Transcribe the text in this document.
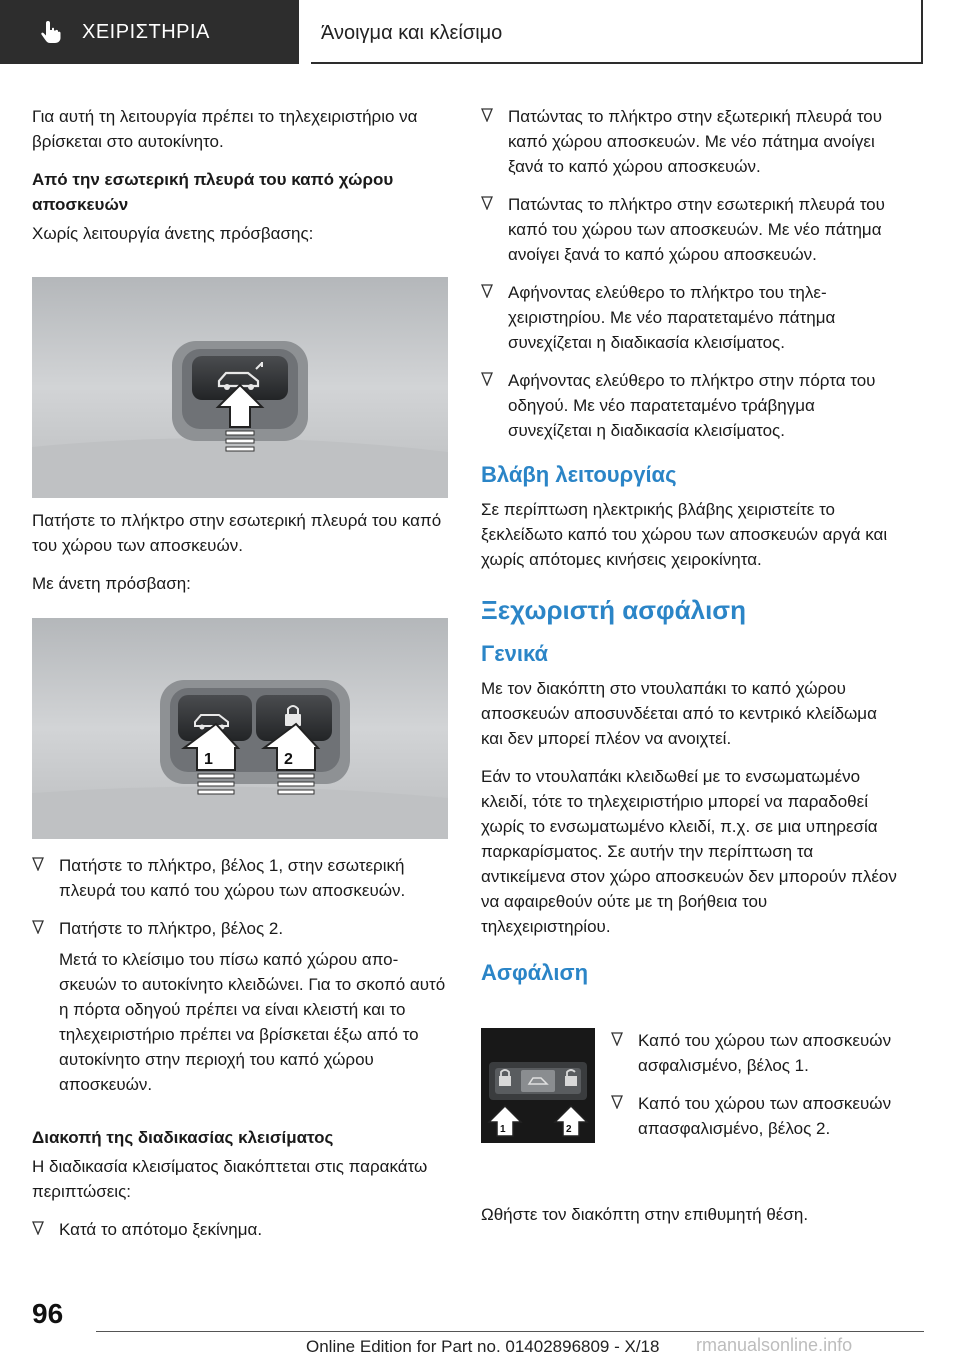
ΧΕΙΡΙΣΤΗΡΙΑ	Άνοιγμα και κλείσιμο

Για αυτή τη λειτουργία πρέπει το τηλεχειριστήριο να βρίσκεται στο αυτοκίνητο.

Από την εσωτερική πλευρά του καπό χώρου αποσκευών

Χωρίς λειτουργία άνετης πρόσβασης:

Πατήστε το πλήκτρο στην εσωτερική πλευρά του καπό του χώρου των αποσκευών.

Με άνετη πρόσβαση:

1	2
Πατήστε το πλήκτρο, βέλος 1, στην εσωτερική πλευρά του καπό του χώρου των αποσκευών.
Πατήστε το πλήκτρο, βέλος 2.

Μετά το κλείσιμο του πίσω καπό χώρου αποσκευών το αυτοκίνητο κλειδώνει. Για το σκοπό αυτό η πόρτα οδηγού πρέπει να είναι κλειστή και το τηλεχειριστήριο πρέπει να βρίσκεται έξω από το αυτοκίνητο στην περιοχή του καπό χώρου αποσκευών.

Διακοπή της διαδικασίας κλεισίματος

Η διαδικασία κλεισίματος διακόπτεται στις παρακάτω περιπτώσεις:

Κατά το απότομο ξεκίνημα.
Πατώντας το πλήκτρο στην εξωτερική πλευρά του καπό χώρου αποσκευών. Με νέο πάτημα ανοίγει ξανά το καπό χώρου αποσκευών.
Πατώντας το πλήκτρο στην εσωτερική πλευρά του καπό του χώρου των αποσκευών. Με νέο πάτημα ανοίγει ξανά το καπό χώρου αποσκευών.
Αφήνοντας ελεύθερο το πλήκτρο του τηλεχειριστηρίου. Με νέο παρατεταμένο πάτημα συνεχίζεται η διαδικασία κλεισίματος.
Αφήνοντας ελεύθερο το πλήκτρο στην πόρτα του οδηγού. Με νέο παρατεταμένο τράβηγμα συνεχίζεται η διαδικασία κλεισίματος.
Βλάβη λειτουργίας

Σε περίπτωση ηλεκτρικής βλάβης χειριστείτε το ξεκλείδωτο καπό του χώρου των αποσκευών αργά και χωρίς απότομες κινήσεις χειροκίνητα.

Ξεχωριστή ασφάλιση
Γενικά

Με τον διακόπτη στο ντουλαπάκι το καπό χώρου αποσκευών αποσυνδέεται από το κεντρικό κλείδωμα και δεν μπορεί πλέον να ανοιχτεί.

Εάν το ντουλαπάκι κλειδωθεί με το ενσωματωμένο κλειδί, τότε το τηλεχειριστήριο μπορεί να παραδοθεί χωρίς το ενσωματωμένο κλειδί, π.χ. σε μια υπηρεσία παρκαρίσματος. Σε αυτήν την περίπτωση τα αντικείμενα στον χώρο αποσκευών δεν μπορούν πλέον να αφαιρεθούν ούτε με τη βοήθεια του τηλεχειριστηρίου.

Ασφάλιση
1	2
Καπό του χώρου των αποσκευών ασφαλισμένο, βέλος 1.
Καπό του χώρου των αποσκευών απασφαλισμένο, βέλος 2.
Ωθήστε τον διακόπτη στην επιθυμητή θέση.
96
Online Edition for Part no. 01402896809 - X/18 rmanualsonline.info
